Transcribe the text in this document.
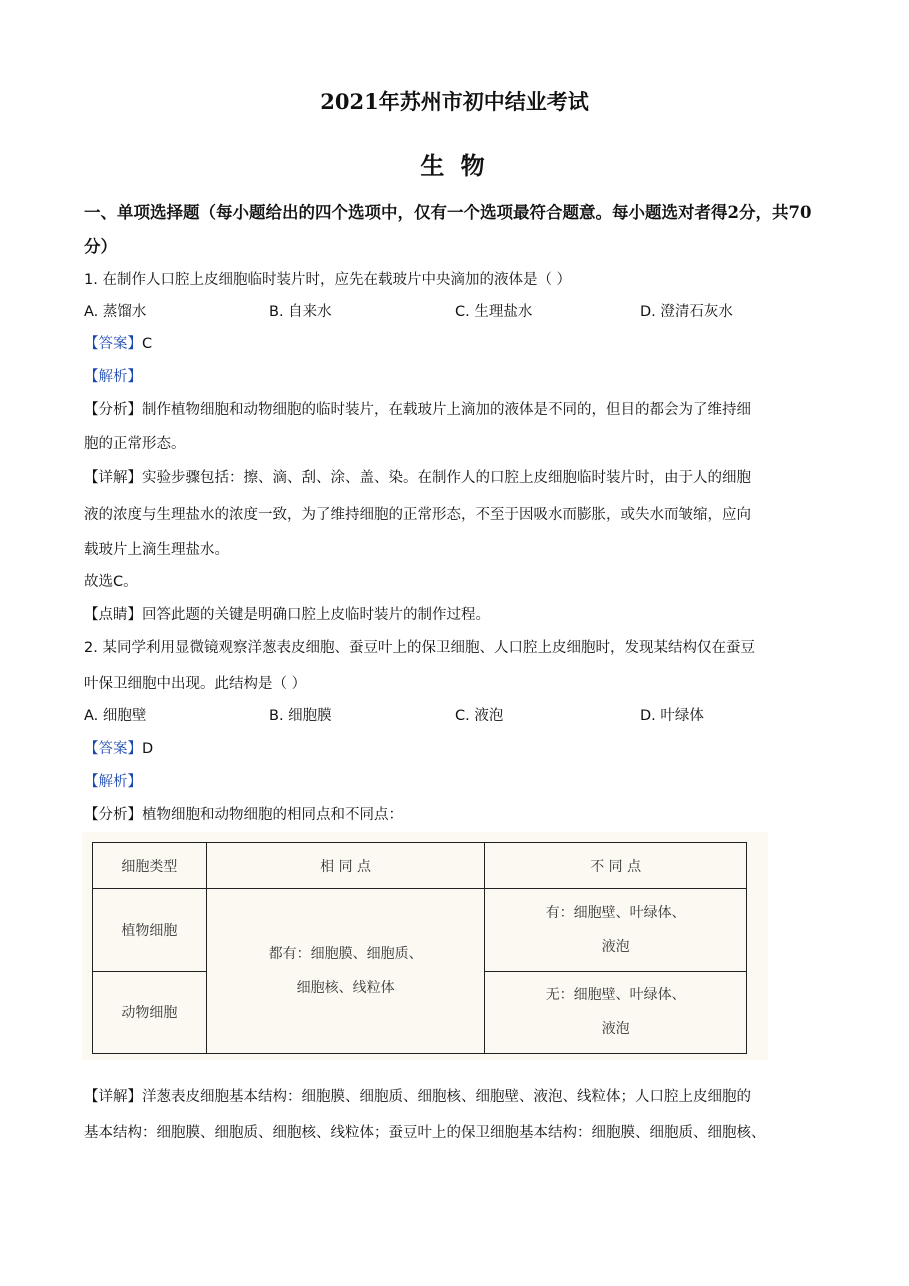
2021年苏州市初中结业考试
生 物
一、单项选择题（每小题给出的四个选项中，仅有一个选项最符合题意。每小题选对者得2分，共70分）
1. 在制作人口腔上皮细胞临时装片时，应先在载玻片中央滴加的液体是（ ）
A. 蒸馏水	B. 自来水	C. 生理盐水	D. 澄清石灰水
【答案】C
【解析】
【分析】制作植物细胞和动物细胞的临时装片，在载玻片上滴加的液体是不同的，但目的都会为了维持细
胞的正常形态。
【详解】实验步骤包括：擦、滴、刮、涂、盖、染。在制作人的口腔上皮细胞临时装片时，由于人的细胞
液的浓度与生理盐水的浓度一致，为了维持细胞的正常形态，不至于因吸水而膨胀，或失水而皱缩，应向
载玻片上滴生理盐水。
故选C。
【点睛】回答此题的关键是明确口腔上皮临时装片的制作过程。
2. 某同学利用显微镜观察洋葱表皮细胞、蚕豆叶上的保卫细胞、人口腔上皮细胞时，发现某结构仅在蚕豆
叶保卫细胞中出现。此结构是（ ）
A. 细胞壁	B. 细胞膜	C. 液泡	D. 叶绿体
【答案】D
【解析】
【分析】植物细胞和动物细胞的相同点和不同点：
细胞类型	相 同 点	不 同 点
植物细胞	都有：细胞膜、细胞质、
细胞核、线粒体	有：细胞壁、叶绿体、
液泡

动物细胞		无：细胞壁、叶绿体、
液泡
【详解】洋葱表皮细胞基本结构：细胞膜、细胞质、细胞核、细胞壁、液泡、线粒体；人口腔上皮细胞的
基本结构：细胞膜、细胞质、细胞核、线粒体；蚕豆叶上的保卫细胞基本结构：细胞膜、细胞质、细胞核、
